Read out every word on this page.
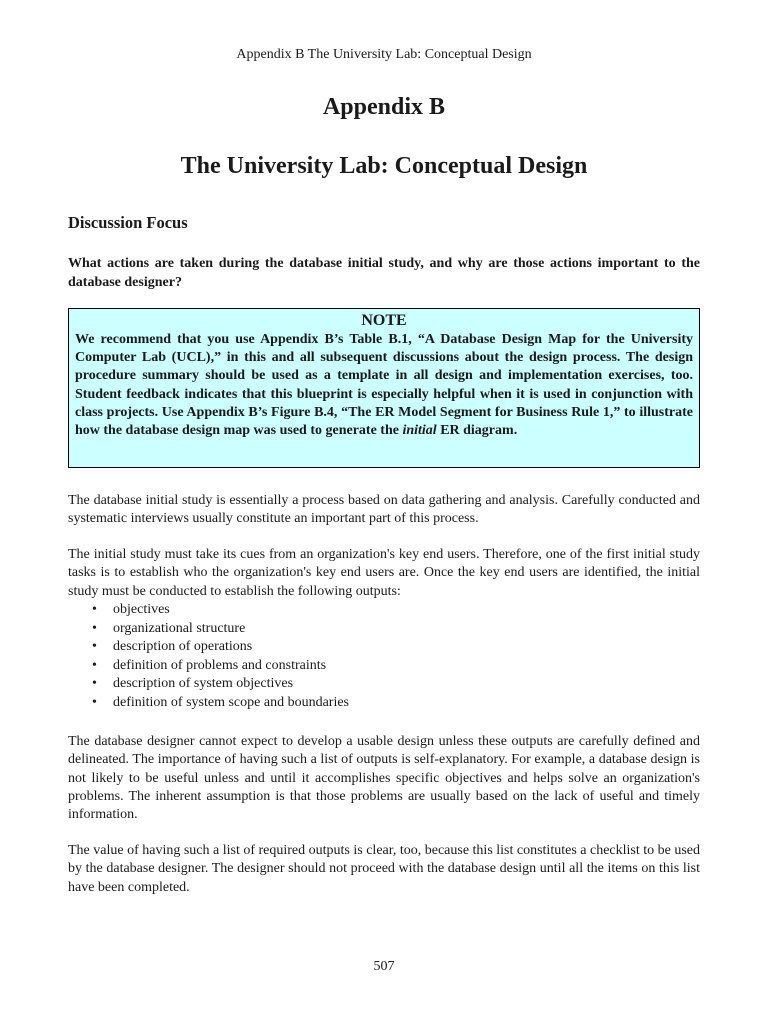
Appendix B The University Lab: Conceptual Design
Appendix B
The University Lab: Conceptual Design
Discussion Focus
What actions are taken during the database initial study, and why are those actions important to the database designer?
NOTE
We recommend that you use Appendix B’s Table B.1, “A Database Design Map for the University Computer Lab (UCL),” in this and all subsequent discussions about the design process. The design procedure summary should be used as a template in all design and implementation exercises, too. Student feedback indicates that this blueprint is especially helpful when it is used in conjunction with class projects. Use Appendix B’s Figure B.4, “The ER Model Segment for Business Rule 1,” to illustrate how the database design map was used to generate the initial ER diagram.
The database initial study is essentially a process based on data gathering and analysis. Carefully conducted and systematic interviews usually constitute an important part of this process.
The initial study must take its cues from an organization's key end users. Therefore, one of the first initial study tasks is to establish who the organization's key end users are. Once the key end users are identified, the initial study must be conducted to establish the following outputs:
• objectives
• organizational structure
• description of operations
• definition of problems and constraints
• description of system objectives
• definition of system scope and boundaries
The database designer cannot expect to develop a usable design unless these outputs are carefully defined and delineated. The importance of having such a list of outputs is self-explanatory. For example, a database design is not likely to be useful unless and until it accomplishes specific objectives and helps solve an organization's problems. The inherent assumption is that those problems are usually based on the lack of useful and timely information.
The value of having such a list of required outputs is clear, too, because this list constitutes a checklist to be used by the database designer. The designer should not proceed with the database design until all the items on this list have been completed.
507
